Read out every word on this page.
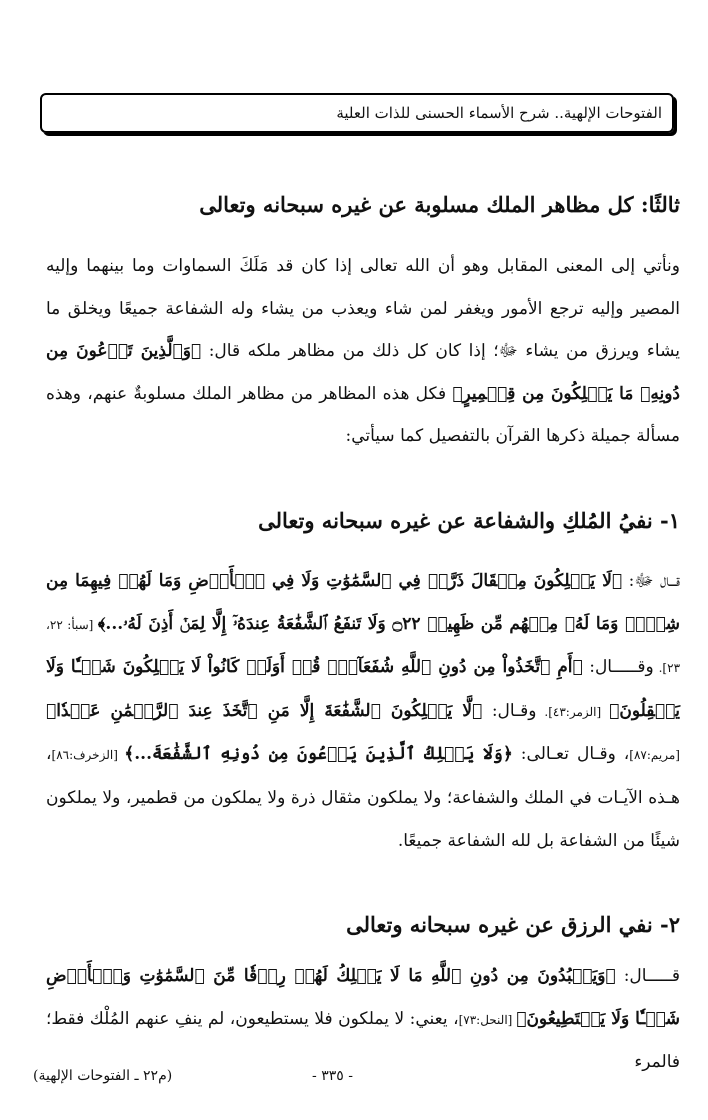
الفتوحات الإلهية.. شرح الأسماء الحسنى للذات العلية
ثالثًا: كل مظاهر الملك مسلوبة عن غيره سبحانه وتعالى

ونأتي إلى المعنى المقابل وهو أن الله تعالى إذا كان قد مَلَكَ السماوات وما بينهما وإليه المصير وإليه ترجع الأمور ويغفر لمن شاء ويعذب من يشاء وله الشفاعة جميعًا ويخلق ما يشاء ويرزق من يشاء ﷻ؛ إذا كان كل ذلك من مظاهر ملكه قال: ﴿وَٱلَّذِينَ تَدۡعُونَ مِن دُونِهِۦ مَا يَمۡلِكُونَ مِن قِطۡمِيرٍ﴾ فكل هذه المظاهر من مظاهر الملك مسلوبةٌ عنهم، وهذه مسألة جميلة ذكرها القرآن بالتفصيل كما سيأتي:

١- نفيُ المُلكِ والشفاعة عن غيره سبحانه وتعالى

قـــال ﷻ: ﴿لَا يَمۡلِكُونَ مِثۡقَالَ ذَرَّةٖ فِي ٱلسَّمَٰوَٰتِ وَلَا فِي ٱلۡأَرۡضِ وَمَا لَهُمۡ فِيهِمَا مِن شِرۡكٖ وَمَا لَهُۥ مِنۡهُم مِّن ظَهِيرٖ ۝٢٢ وَلَا تَنفَعُ ٱلشَّفَٰعَةُ عِندَهُۥٓ إِلَّا لِمَنۡ أَذِنَ لَهُۥ...﴾ [سبأ: ٢٢، ٢٣]. وقـــــال: ﴿أَمِ ٱتَّخَذُواْ مِن دُونِ ٱللَّهِ شُفَعَآءَۚ قُلۡ أَوَلَوۡ كَانُواْ لَا يَمۡلِكُونَ شَيۡـٔٗا وَلَا يَعۡقِلُونَ﴾ [الزمر:٤٣]. وقـال: ﴿لَّا يَمۡلِكُونَ ٱلشَّفَٰعَةَ إِلَّا مَنِ ٱتَّخَذَ عِندَ ٱلرَّحۡمَٰنِ عَهۡدٗا﴾[مريم:٨٧]، وقـال تعـالى: ﴿وَلَا يَمۡلِكُ ٱلَّذِينَ يَدۡعُونَ مِن دُونِهِ ٱلشَّفَٰعَةَ...﴾ [الزخرف:٨٦]، هـذه الآيـات في الملك والشفاعة؛ ولا يملكون مثقال ذرة ولا يملكون من قطمير، ولا يملكون شيئًا من الشفاعة بل لله الشفاعة جميعًا.

٢- نفي الرزق عن غيره سبحانه وتعالى

قـــــال: ﴿وَيَعۡبُدُونَ مِن دُونِ ٱللَّهِ مَا لَا يَمۡلِكُ لَهُمۡ رِزۡقٗا مِّنَ ٱلسَّمَٰوَٰتِ وَٱلۡأَرۡضِ شَيۡـٔٗا وَلَا يَسۡتَطِيعُونَ﴾ [النحل:٧٣]، يعني: لا يملكون فلا يستطيعون، لم ينفِ عنهم المُلْك فقط؛ فالمرء

- ٣٣٥ -
(م٢٢ ـ الفتوحات الإلهية)
